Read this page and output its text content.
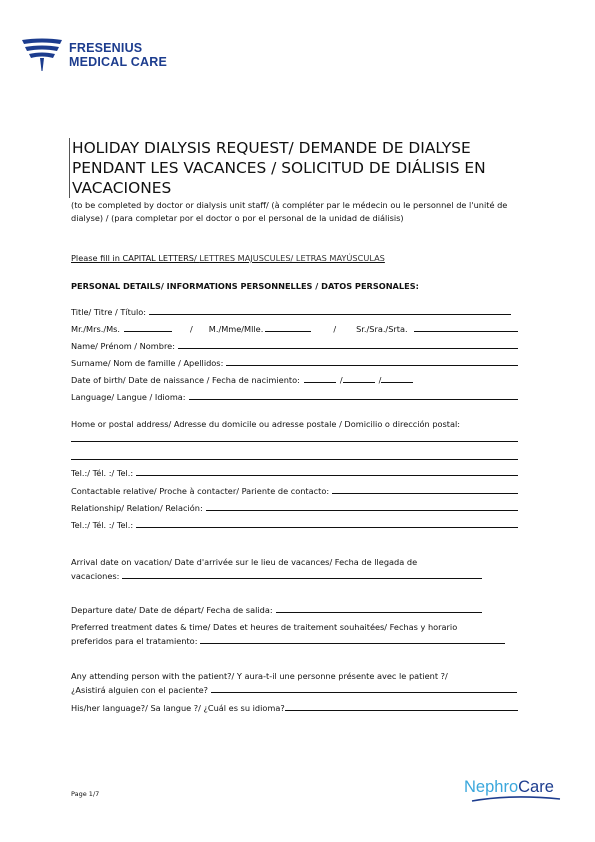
FRESENIUS
MEDICAL CARE
HOLIDAY DIALYSIS REQUEST/ DEMANDE DE DIALYSE PENDANT LES VACANCES / SOLICITUD DE DIÁLISIS EN VACACIONES
(to be completed by doctor or dialysis unit staff/ (à compléter par le médecin ou le personnel de l'unité de dialyse) / (para completar por el doctor o por el personal de la unidad de diálisis)
Please fill in CAPITAL LETTERS/ LETTRES MAJUSCULES/ LETRAS MAYÚSCULAS
PERSONAL DETAILS/ INFORMATIONS PERSONNELLES / DATOS PERSONALES:
Title/ Titre / Título:
Mr./Mrs./Ms.	/ M./Mme/Mlle.	/ Sr./Sra./Srta.
Name/ Prénom / Nombre:
Surname/ Nom de famille / Apellidos:
Date of birth/ Date de naissance / Fecha de nacimiento:	/	/
Language/ Langue / Idioma:
Home or postal address/ Adresse du domicile ou adresse postale / Domicilio o dirección postal:
Tel.:/ Tél. :/ Tel.:
Contactable relative/ Proche à contacter/ Pariente de contacto:
Relationship/ Relation/ Relación:
Tel.:/ Tél. :/ Tel.:
Arrival date on vacation/ Date d'arrivée sur le lieu de vacances/ Fecha de llegada de
vacaciones:
Departure date/ Date de départ/ Fecha de salida:
Preferred treatment dates & time/ Dates et heures de traitement souhaitées/ Fechas y horario
preferidos para el tratamiento:
Any attending person with the patient?/ Y aura-t-il une personne présente avec le patient ?/
¿Asistirá alguien con el paciente?
His/her language?/ Sa langue ?/ ¿Cuál es su idioma?
Page 1/7	NephroCare
